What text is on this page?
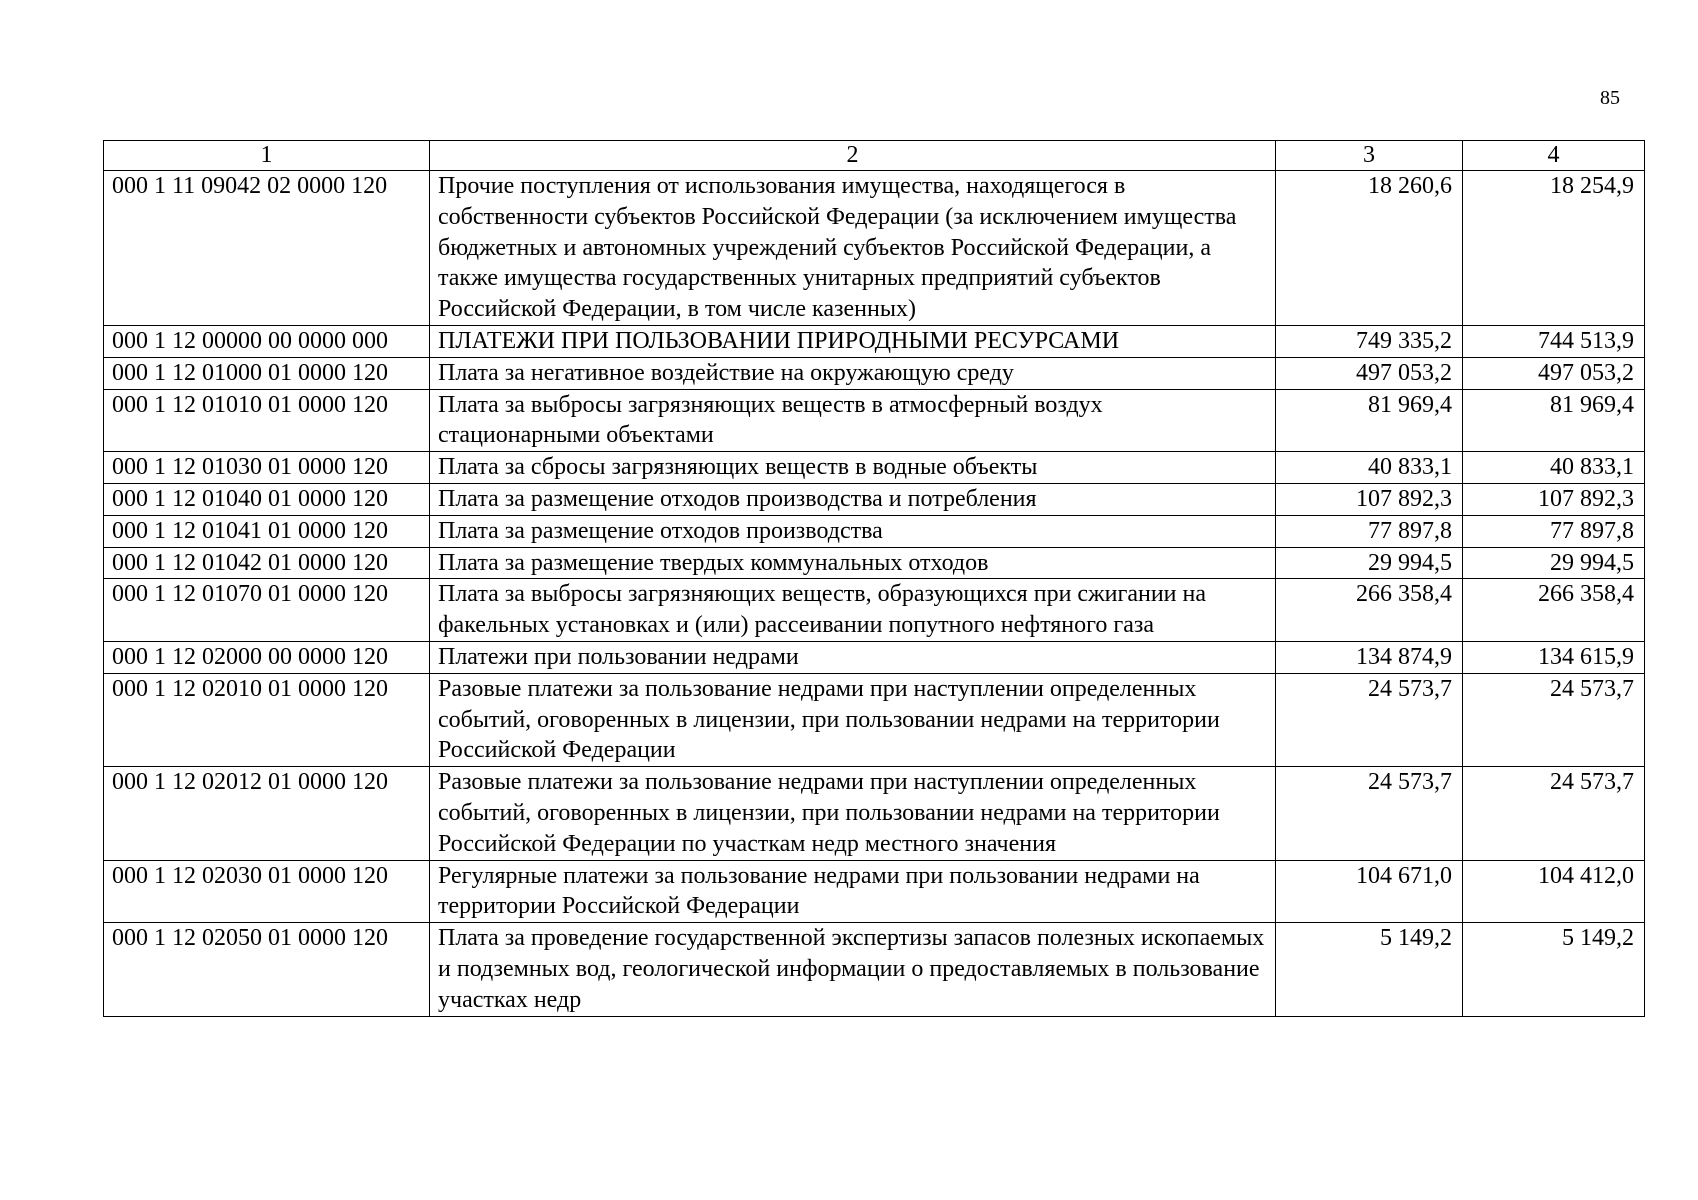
85
1	2	3	4
000 1 11 09042 02 0000 120	Прочие поступления от использования имущества, находящегося в собственности субъектов Российской Федерации (за исключением имущества бюджетных и автономных учреждений субъектов Российской Федерации, а также имущества государственных унитарных предприятий субъектов Российской Федерации, в том числе казенных)	18 260,6	18 254,9
000 1 12 00000 00 0000 000	ПЛАТЕЖИ ПРИ ПОЛЬЗОВАНИИ ПРИРОДНЫМИ РЕСУРСАМИ	749 335,2	744 513,9
000 1 12 01000 01 0000 120	Плата за негативное воздействие на окружающую среду	497 053,2	497 053,2
000 1 12 01010 01 0000 120	Плата за выбросы загрязняющих веществ в атмосферный воздух стационарными объектами	81 969,4	81 969,4
000 1 12 01030 01 0000 120	Плата за сбросы загрязняющих веществ в водные объекты	40 833,1	40 833,1
000 1 12 01040 01 0000 120	Плата за размещение отходов производства и потребления	107 892,3	107 892,3
000 1 12 01041 01 0000 120	Плата за размещение отходов производства	77 897,8	77 897,8
000 1 12 01042 01 0000 120	Плата за размещение твердых коммунальных отходов	29 994,5	29 994,5
000 1 12 01070 01 0000 120	Плата за выбросы загрязняющих веществ, образующихся при сжигании на факельных установках и (или) рассеивании попутного нефтяного газа	266 358,4	266 358,4
000 1 12 02000 00 0000 120	Платежи при пользовании недрами	134 874,9	134 615,9
000 1 12 02010 01 0000 120	Разовые платежи за пользование недрами при наступлении определенных событий, оговоренных в лицензии, при пользовании недрами на территории Российской Федерации	24 573,7	24 573,7
000 1 12 02012 01 0000 120	Разовые платежи за пользование недрами при наступлении определенных событий, оговоренных в лицензии, при пользовании недрами на территории Российской Федерации по участкам недр местного значения	24 573,7	24 573,7
000 1 12 02030 01 0000 120	Регулярные платежи за пользование недрами при пользовании недрами на территории Российской Федерации	104 671,0	104 412,0
000 1 12 02050 01 0000 120	Плата за проведение государственной экспертизы запасов полезных ископаемых и подземных вод, геологической информации о предоставляемых в пользование участках недр	5 149,2	5 149,2
